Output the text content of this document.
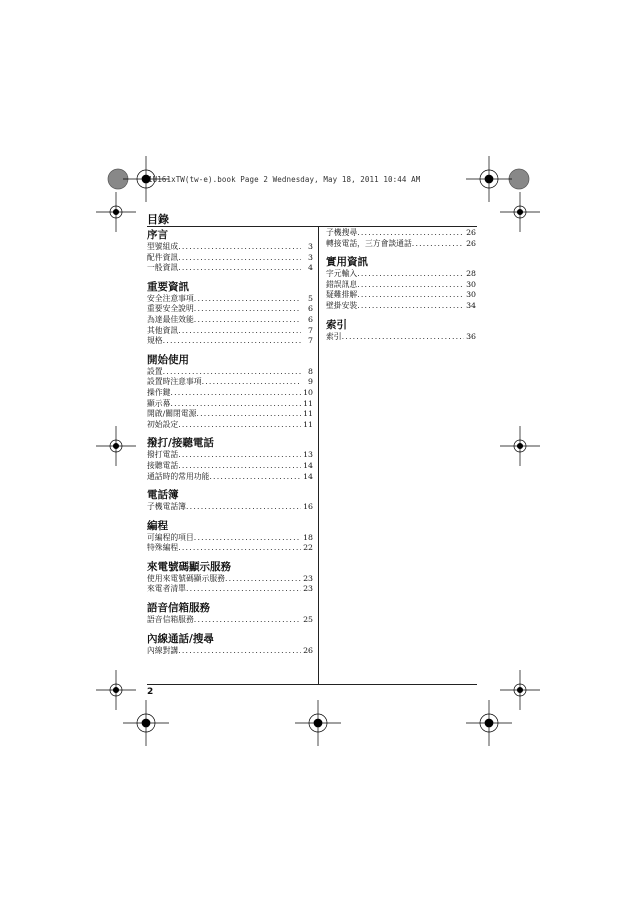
1U161xTW(tw-e).book Page 2 Wednesday, May 18, 2011 10:44 AM
目錄
序言
型號組成 .....	3
配件資訊 .....	3
一般資訊 .....	4
重要資訊
安全注意事項 .....	5
重要安全說明 .....	6
為達最佳效能 .....	6
其他資訊 .....	7
規格 .....	7
開始使用
設置 .....	8
設置時注意事項 .....	9
操作鍵 .....	10
顯示幕 .....	11
開啟/關閉電源 .....	11
初始設定 .....	11
撥打/接聽電話
撥打電話 .....	13
接聽電話 .....	14
通話時的常用功能 .....	14
電話簿
子機電話簿 .....	16
編程
可編程的項目 .....	18
特殊編程 .....	22
來電號碼顯示服務
使用來電號碼顯示服務 .....	23
來電者清單 .....	23
語音信箱服務
語音信箱服務 .....	25
內線通話/搜尋
內線對講 .....	26
子機搜尋 .....	26
轉接電話，三方會談通話 .....	26
實用資訊
字元輸入 .....	28
錯誤訊息 .....	30
疑難排解 .....	30
壁掛安裝 .....	34
索引
索引 .....	36
2
